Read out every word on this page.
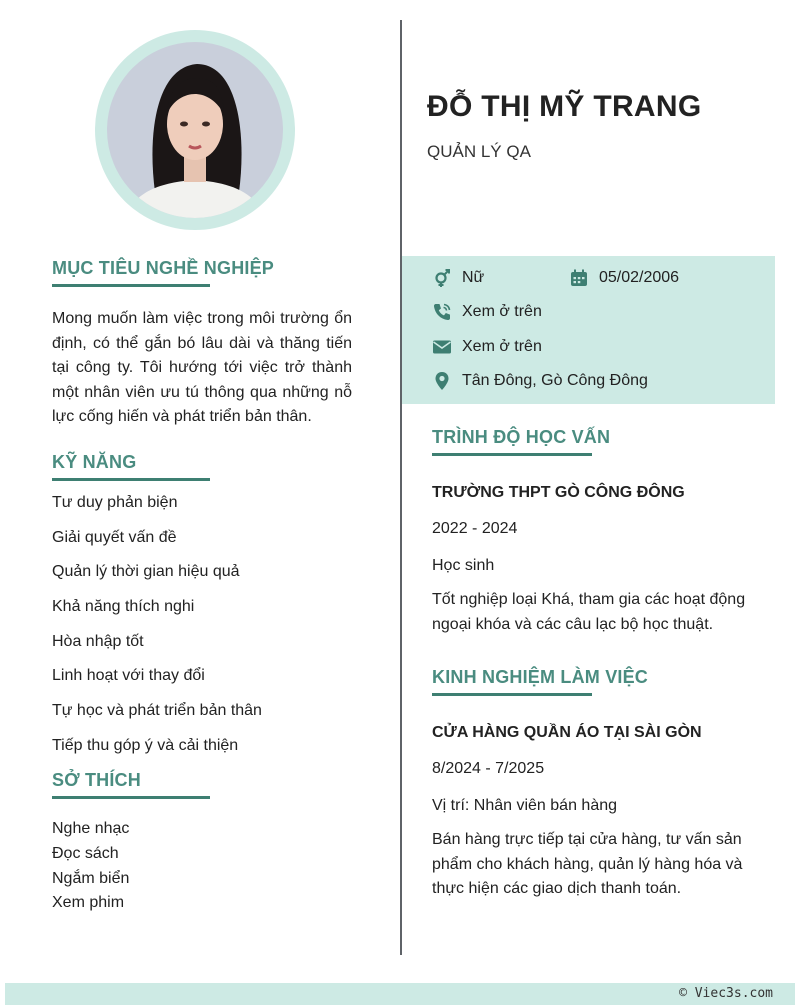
MỤC TIÊU NGHỀ NGHIỆP

Mong muốn làm việc trong môi trường ổn định, có thể gắn bó lâu dài và thăng tiến tại công ty. Tôi hướng tới việc trở thành một nhân viên ưu tú thông qua những nỗ lực cống hiến và phát triển bản thân.

KỸ NĂNG
Tư duy phản biện
Giải quyết vấn đề
Quản lý thời gian hiệu quả
Khả năng thích nghi
Hòa nhập tốt
Linh hoạt với thay đổi
Tự học và phát triển bản thân
Tiếp thu góp ý và cải thiện
SỞ THÍCH
Nghe nhạc
Đọc sách
Ngắm biển
Xem phim
ĐỖ THỊ MỸ TRANG
QUẢN LÝ QA
Nữ	05/02/2006
Xem ở trên
Xem ở trên
Tân Đông, Gò Công Đông
TRÌNH ĐỘ HỌC VẤN
TRƯỜNG THPT GÒ CÔNG ĐÔNG
2022 - 2024
Học sinh

Tốt nghiệp loại Khá, tham gia các hoạt động ngoại khóa và các câu lạc bộ học thuật.

KINH NGHIỆM LÀM VIỆC
CỬA HÀNG QUẦN ÁO TẠI SÀI GÒN
8/2024 - 7/2025
Vị trí: Nhân viên bán hàng

Bán hàng trực tiếp tại cửa hàng, tư vấn sản phẩm cho khách hàng, quản lý hàng hóa và thực hiện các giao dịch thanh toán.

© Viec3s.com
